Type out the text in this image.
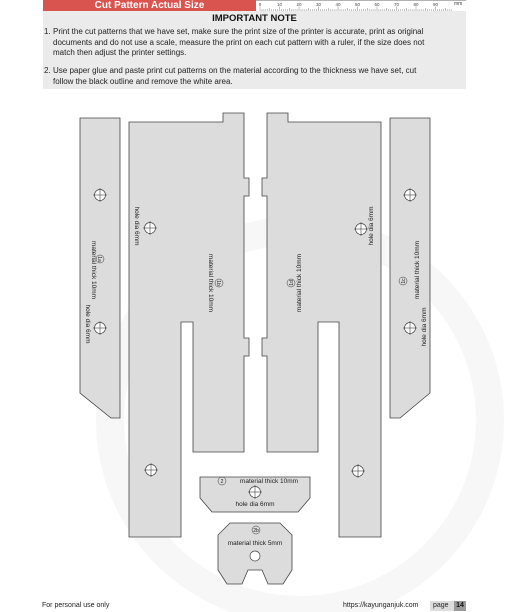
Cut Pattern Actual Size	0	10	20	30	40	50	60	70	80	90	mm
IMPORTANT NOTE
1. Print the cut patterns that we have set, make sure the print size of the printer is accurate, print as original
documents and do not use a scale, measure the print on each cut pattern with a ruler, if the size does not
match then adjust the printer settings.
2. Use paper glue and paste print cut patterns on the material according to the thickness we have set, cut
follow the black outline and remove the white area.
1a
material thick 10mm
hole dia 6mm
hole dia 6mm
1b
material thick 10mm
hole dia 6mm
1d material thick 10mm	1c material thick 10mm
hole dia 6mm
2	material thick 10mm
hole dia 6mm
2b
material thick 5mm
For personal use only	https://kayunganjuk.com page 14
